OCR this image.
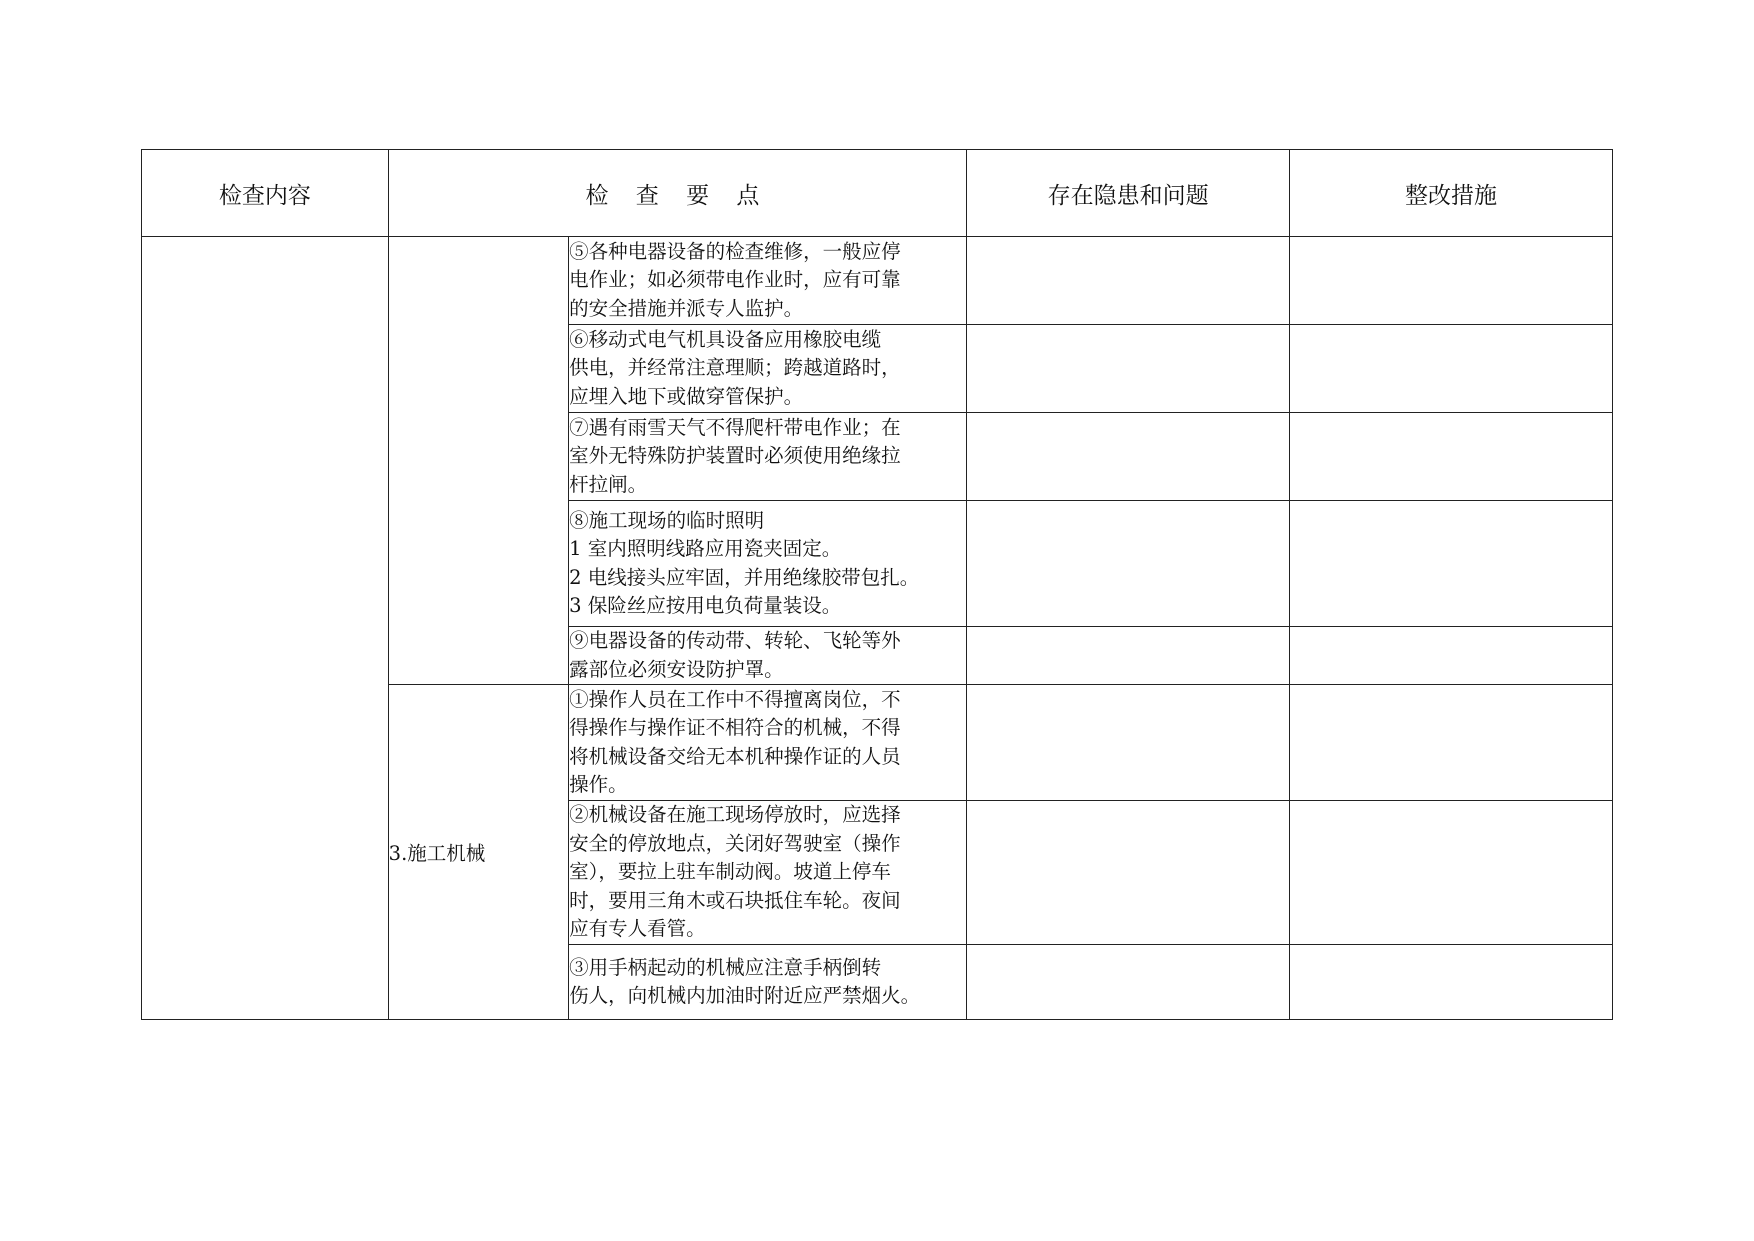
检查内容	检 查 要 点		存在隐患和问题	整改措施

		⑤各种电器设备的检查维修，一般应停
电作业；如必须带电作业时，应有可靠
的安全措施并派专人监护。		

		⑥移动式电气机具设备应用橡胶电缆
供电，并经常注意理顺；跨越道路时，
应埋入地下或做穿管保护。		

		⑦遇有雨雪天气不得爬杆带电作业；在
室外无特殊防护装置时必须使用绝缘拉
杆拉闸。		

		⑧施工现场的临时照明
1 室内照明线路应用瓷夹固定。
2 电线接头应牢固，并用绝缘胶带包扎。
3 保险丝应按用电负荷量装设。		

		⑨电器设备的传动带、转轮、飞轮等外
露部位必须安设防护罩。		

	3.施工机械	①操作人员在工作中不得擅离岗位，不
得操作与操作证不相符合的机械，不得
将机械设备交给无本机种操作证的人员
操作。		

		②机械设备在施工现场停放时，应选择
安全的停放地点，关闭好驾驶室（操作
室），要拉上驻车制动阀。坡道上停车
时，要用三角木或石块抵住车轮。夜间
应有专人看管。		

		③用手柄起动的机械应注意手柄倒转
伤人，向机械内加油时附近应严禁烟火。		
